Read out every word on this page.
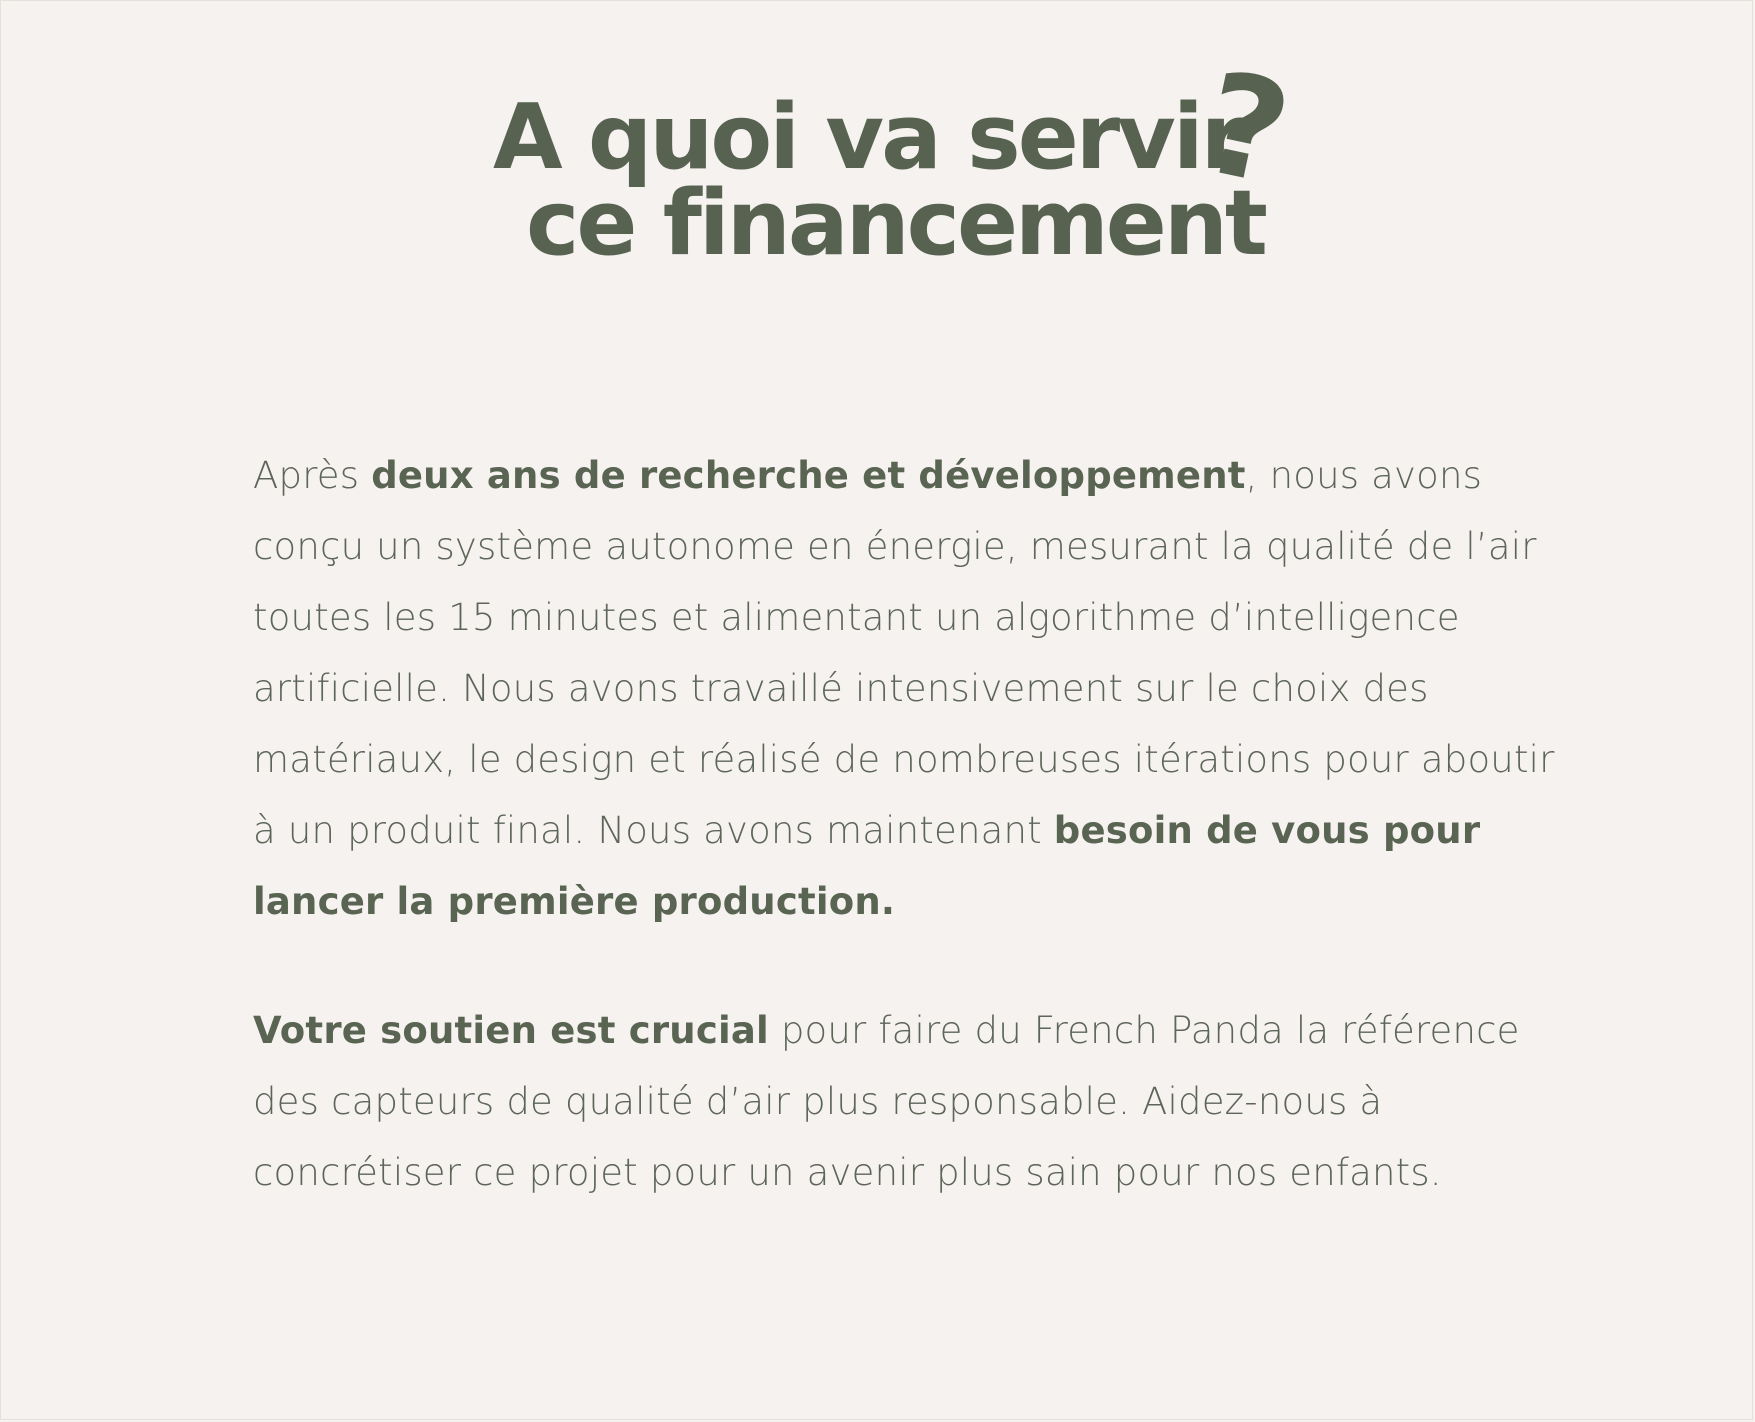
A quoi va servir
ce financement
?

Après deux ans de recherche et développement, nous avons conçu un système autonome en énergie, mesurant la qualité de l’air toutes les 15 minutes et alimentant un algorithme d’intelligence artificielle. Nous avons travaillé intensivement sur le choix des matériaux, le design et réalisé de nombreuses itérations pour aboutir à un produit final. Nous avons maintenant besoin de vous pour lancer la première production.

Votre soutien est crucial pour faire du French Panda la référence des capteurs de qualité d’air plus responsable. Aidez-nous à concrétiser ce projet pour un avenir plus sain pour nos enfants.
